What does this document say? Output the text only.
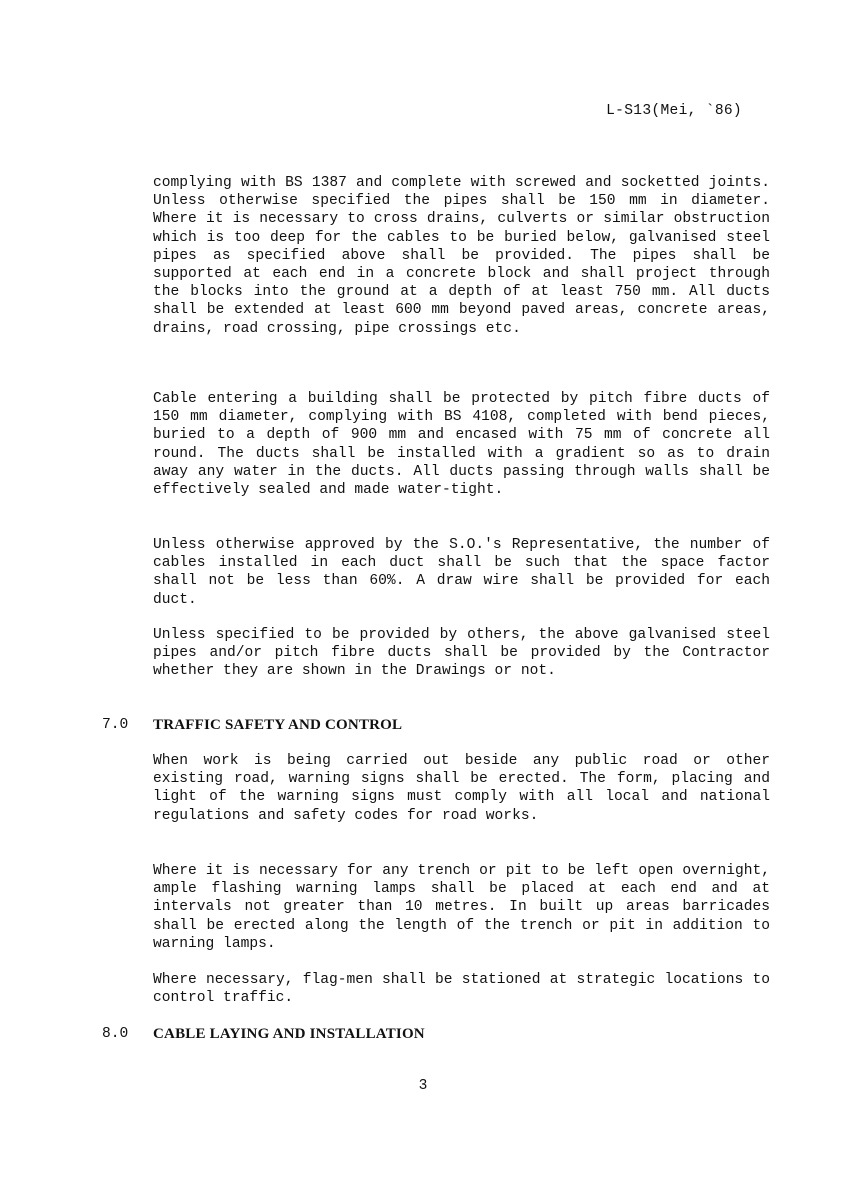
L-S13(Mei, `86)
complying with BS 1387 and complete with screwed and socketted joints. Unless otherwise specified the pipes shall be 150 mm in diameter. Where it is necessary to cross drains, culverts or similar obstruction which is too deep for the cables to be buried below, galvanised steel pipes as specified above shall be provided. The pipes shall be supported at each end in a concrete block and shall project through the blocks into the ground at a depth of at least 750 mm. All ducts shall be extended at least 600 mm beyond paved areas, concrete areas, drains, road crossing, pipe crossings etc.
Cable entering a building shall be protected by pitch fibre ducts of 150 mm diameter, complying with BS 4108, completed with bend pieces, buried to a depth of 900 mm and encased with 75 mm of concrete all round. The ducts shall be installed with a gradient so as to drain away any water in the ducts. All ducts passing through walls shall be effectively sealed and made water-tight.
Unless otherwise approved by the S.O.'s Representative, the number of cables installed in each duct shall be such that the space factor shall not be less than 60%. A draw wire shall be provided for each duct.
Unless specified to be provided by others, the above galvanised steel pipes and/or pitch fibre ducts shall be provided by the Contractor whether they are shown in the Drawings or not.
7.0 TRAFFIC SAFETY AND CONTROL
When work is being carried out beside any public road or other existing road, warning signs shall be erected. The form, placing and light of the warning signs must comply with all local and national regulations and safety codes for road works.
Where it is necessary for any trench or pit to be left open overnight, ample flashing warning lamps shall be placed at each end and at intervals not greater than 10 metres. In built up areas barricades shall be erected along the length of the trench or pit in addition to warning lamps.
Where necessary, flag-men shall be stationed at strategic locations to control traffic.
8.0 CABLE LAYING AND INSTALLATION
3
